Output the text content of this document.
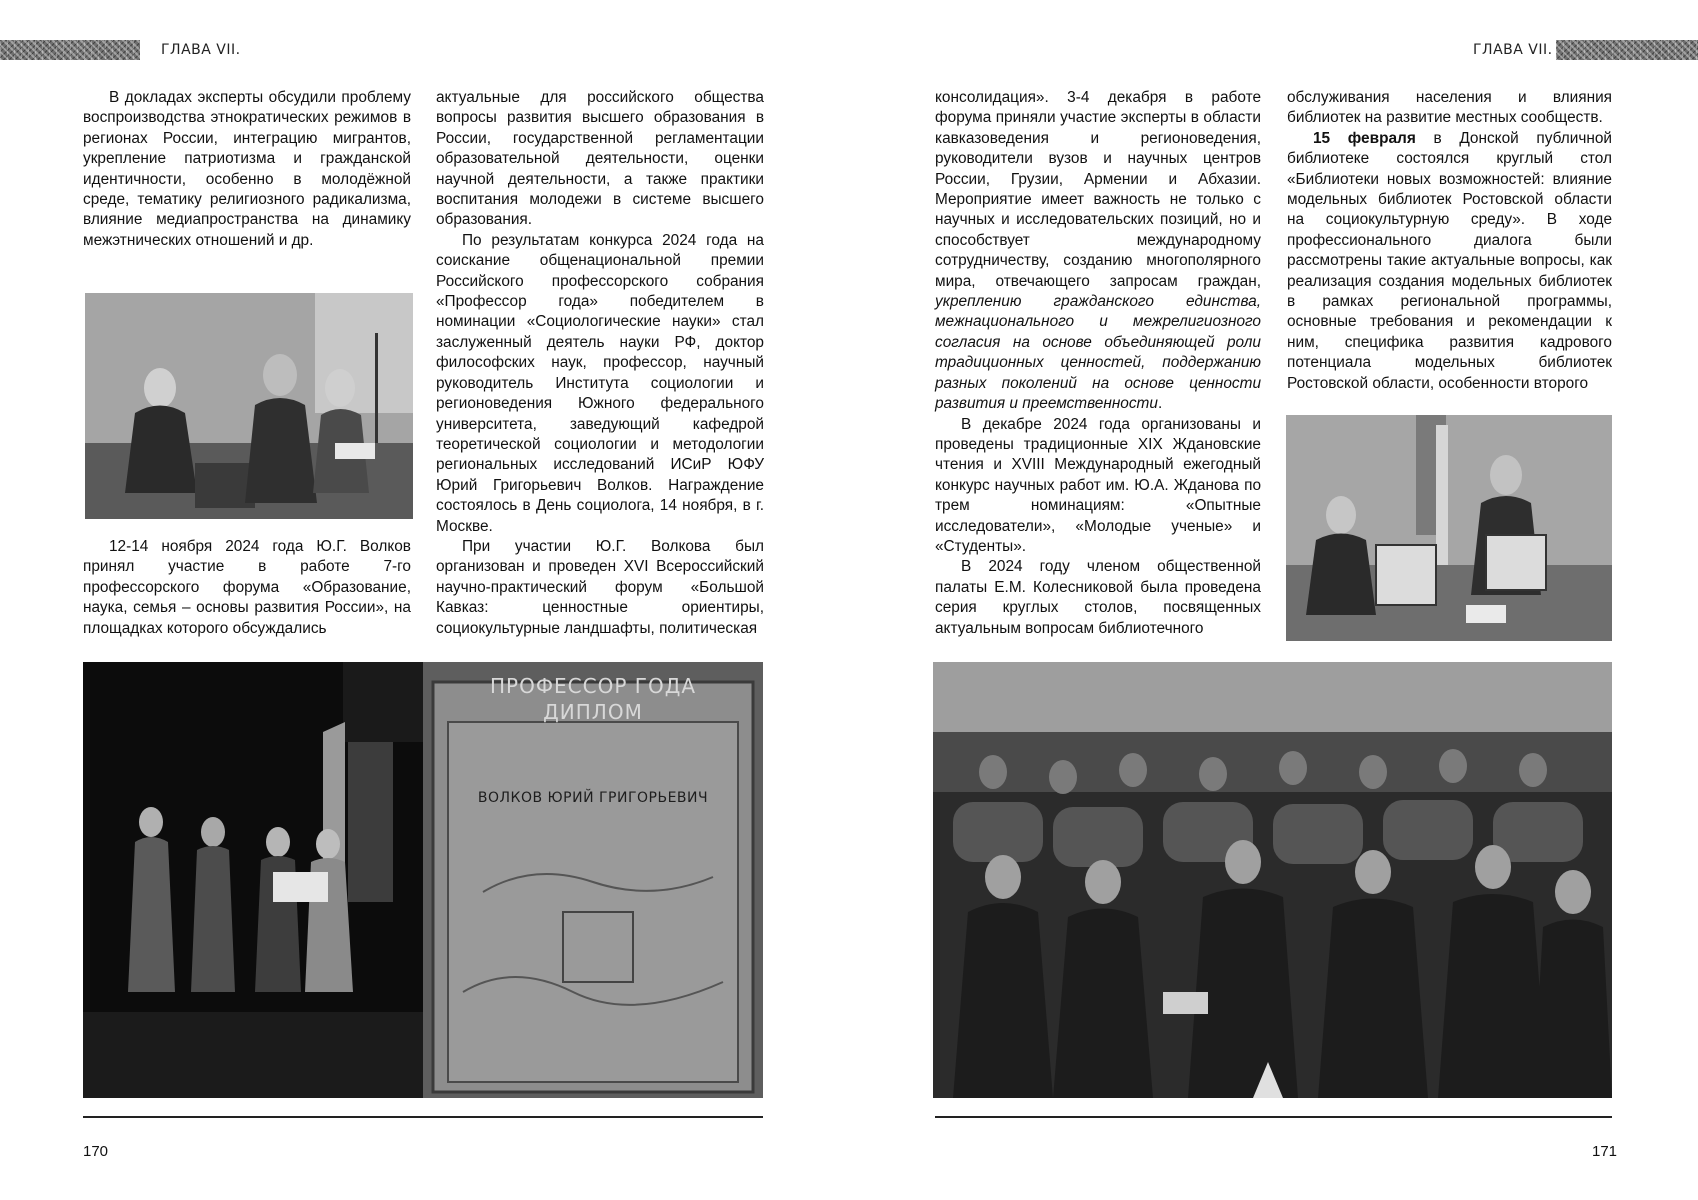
ГЛАВА VII.

В докладах эксперты обсудили проблему воспроизводства этнократических режимов в регионах России, интеграцию мигрантов, укрепление патриотизма и гражданской идентичности, особенно в молодёжной среде, тематику религиозного радикализма, влияние медиапространства на динамику межэтнических отношений и др.

12-14 ноября 2024 года Ю.Г. Волков принял участие в работе 7-го профессорского форума «Образование, наука, семья – основы развития России», на площадках которого обсуждались

актуальные для российского общества вопросы развития высшего образования в России, государственной регламентации образовательной деятельности, оценки научной деятельности, а также практики воспитания молодежи в системе высшего образования.

По результатам конкурса 2024 года на соискание общенациональной премии Российского профессорского собрания «Профессор года» победителем в номинации «Социологические науки» стал заслуженный деятель науки РФ, доктор философских наук, профессор, научный руководитель Института социологии и регионоведения Южного федерального университета, заведующий кафедрой теоретической социологии и методологии региональных исследований ИСиР ЮФУ Юрий Григорьевич Волков. Награждение состоялось в День социолога, 14 ноября, в г. Москве.

При участии Ю.Г. Волкова был организован и проведен XVI Всероссийский научно-практический форум «Большой Кавказ: ценностные ориентиры, социокультурные ландшафты, политическая

ПРОФЕССОР ГОДА
ДИПЛОМ
ВОЛКОВ ЮРИЙ ГРИГОРЬЕВИЧ
170
ГЛАВА VII.

консолидация». 3-4 декабря в работе форума приняли участие эксперты в области кавказоведения и регионоведения, руководители вузов и научных центров России, Грузии, Армении и Абхазии. Мероприятие имеет важность не только с научных и исследовательских позиций, но и способствует международному сотрудничеству, созданию многополярного мира, отвечающего запросам граждан, укреплению гражданского единства, межнационального и межрелигиозного согласия на основе объединяющей роли традиционных ценностей, поддержанию разных поколений на основе ценности развития и преемственности.

В декабре 2024 года организованы и проведены традиционные XIX Ждановские чтения и XVIII Международный ежегодный конкурс научных работ им. Ю.А. Жданова по трем номинациям: «Опытные исследователи», «Молодые ученые» и «Студенты».

В 2024 году членом общественной палаты Е.М. Колесниковой была проведена серия круглых столов, посвященных актуальным вопросам библиотечного

обслуживания населения и влияния библиотек на развитие местных сообществ.

15 февраля в Донской публичной библиотеке состоялся круглый стол «Библиотеки новых возможностей: влияние модельных библиотек Ростовской области на социокультурную среду». В ходе профессионального диалога были рассмотрены такие актуальные вопросы, как реализация создания модельных библиотек в рамках региональной программы, основные требования и рекомендации к ним, специфика развития кадрового потенциала модельных библиотек Ростовской области, особенности второго

171
